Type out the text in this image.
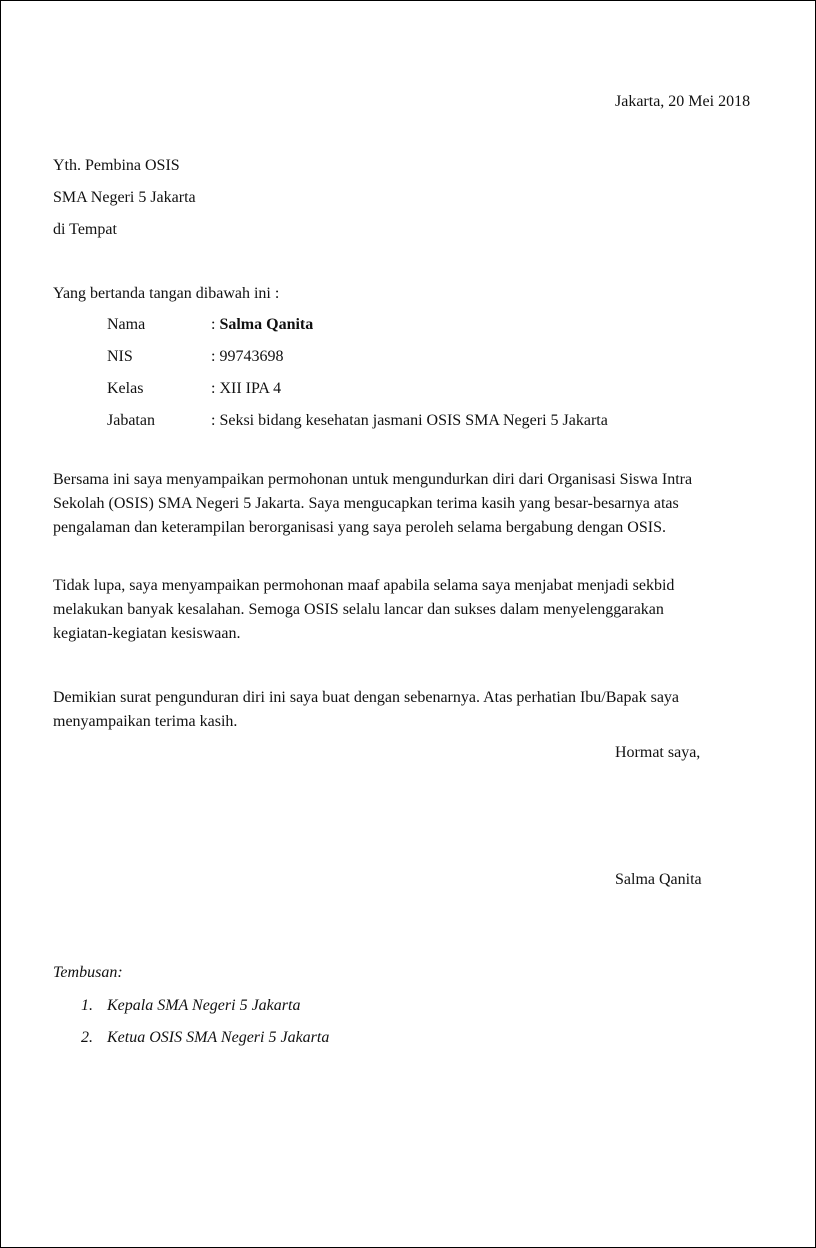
Jakarta, 20 Mei 2018
Yth. Pembina OSIS
SMA Negeri 5 Jakarta
di Tempat
Yang bertanda tangan dibawah ini :
Nama	: Salma Qanita
NIS	: 99743698
Kelas	: XII IPA 4
Jabatan	: Seksi bidang kesehatan jasmani OSIS SMA Negeri 5 Jakarta
Bersama ini saya menyampaikan permohonan untuk mengundurkan diri dari Organisasi Siswa Intra
Sekolah (OSIS) SMA Negeri 5 Jakarta. Saya mengucapkan terima kasih yang besar-besarnya atas
pengalaman dan keterampilan berorganisasi yang saya peroleh selama bergabung dengan OSIS.
Tidak lupa, saya menyampaikan permohonan maaf apabila selama saya menjabat menjadi sekbid
melakukan banyak kesalahan. Semoga OSIS selalu lancar dan sukses dalam menyelenggarakan
kegiatan-kegiatan kesiswaan.
Demikian surat pengunduran diri ini saya buat dengan sebenarnya. Atas perhatian Ibu/Bapak saya
menyampaikan terima kasih.
Hormat saya,
Salma Qanita
Tembusan:
1. Kepala SMA Negeri 5 Jakarta
2. Ketua OSIS SMA Negeri 5 Jakarta
